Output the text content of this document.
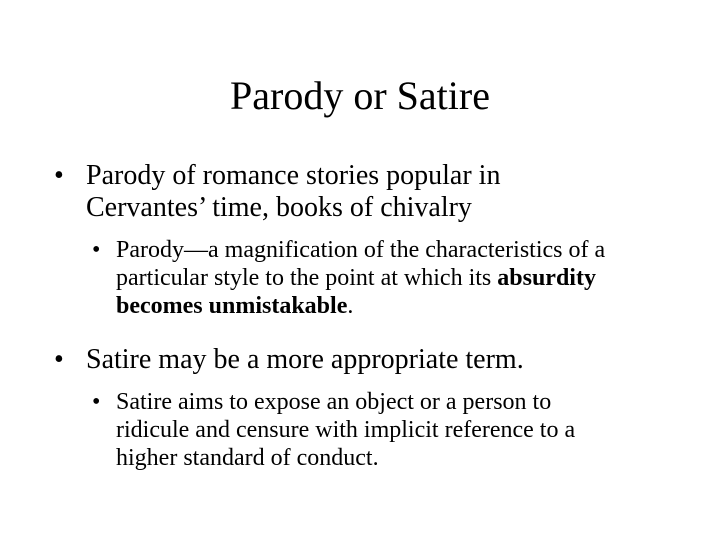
Parody or Satire
• Parody of romance stories popular in
Cervantes’ time, books of chivalry
• Parody—a magnification of the characteristics of a
particular style to the point at which its absurdity
becomes unmistakable.
• Satire may be a more appropriate term.
• Satire aims to expose an object or a person to
ridicule and censure with implicit reference to a
higher standard of conduct.
